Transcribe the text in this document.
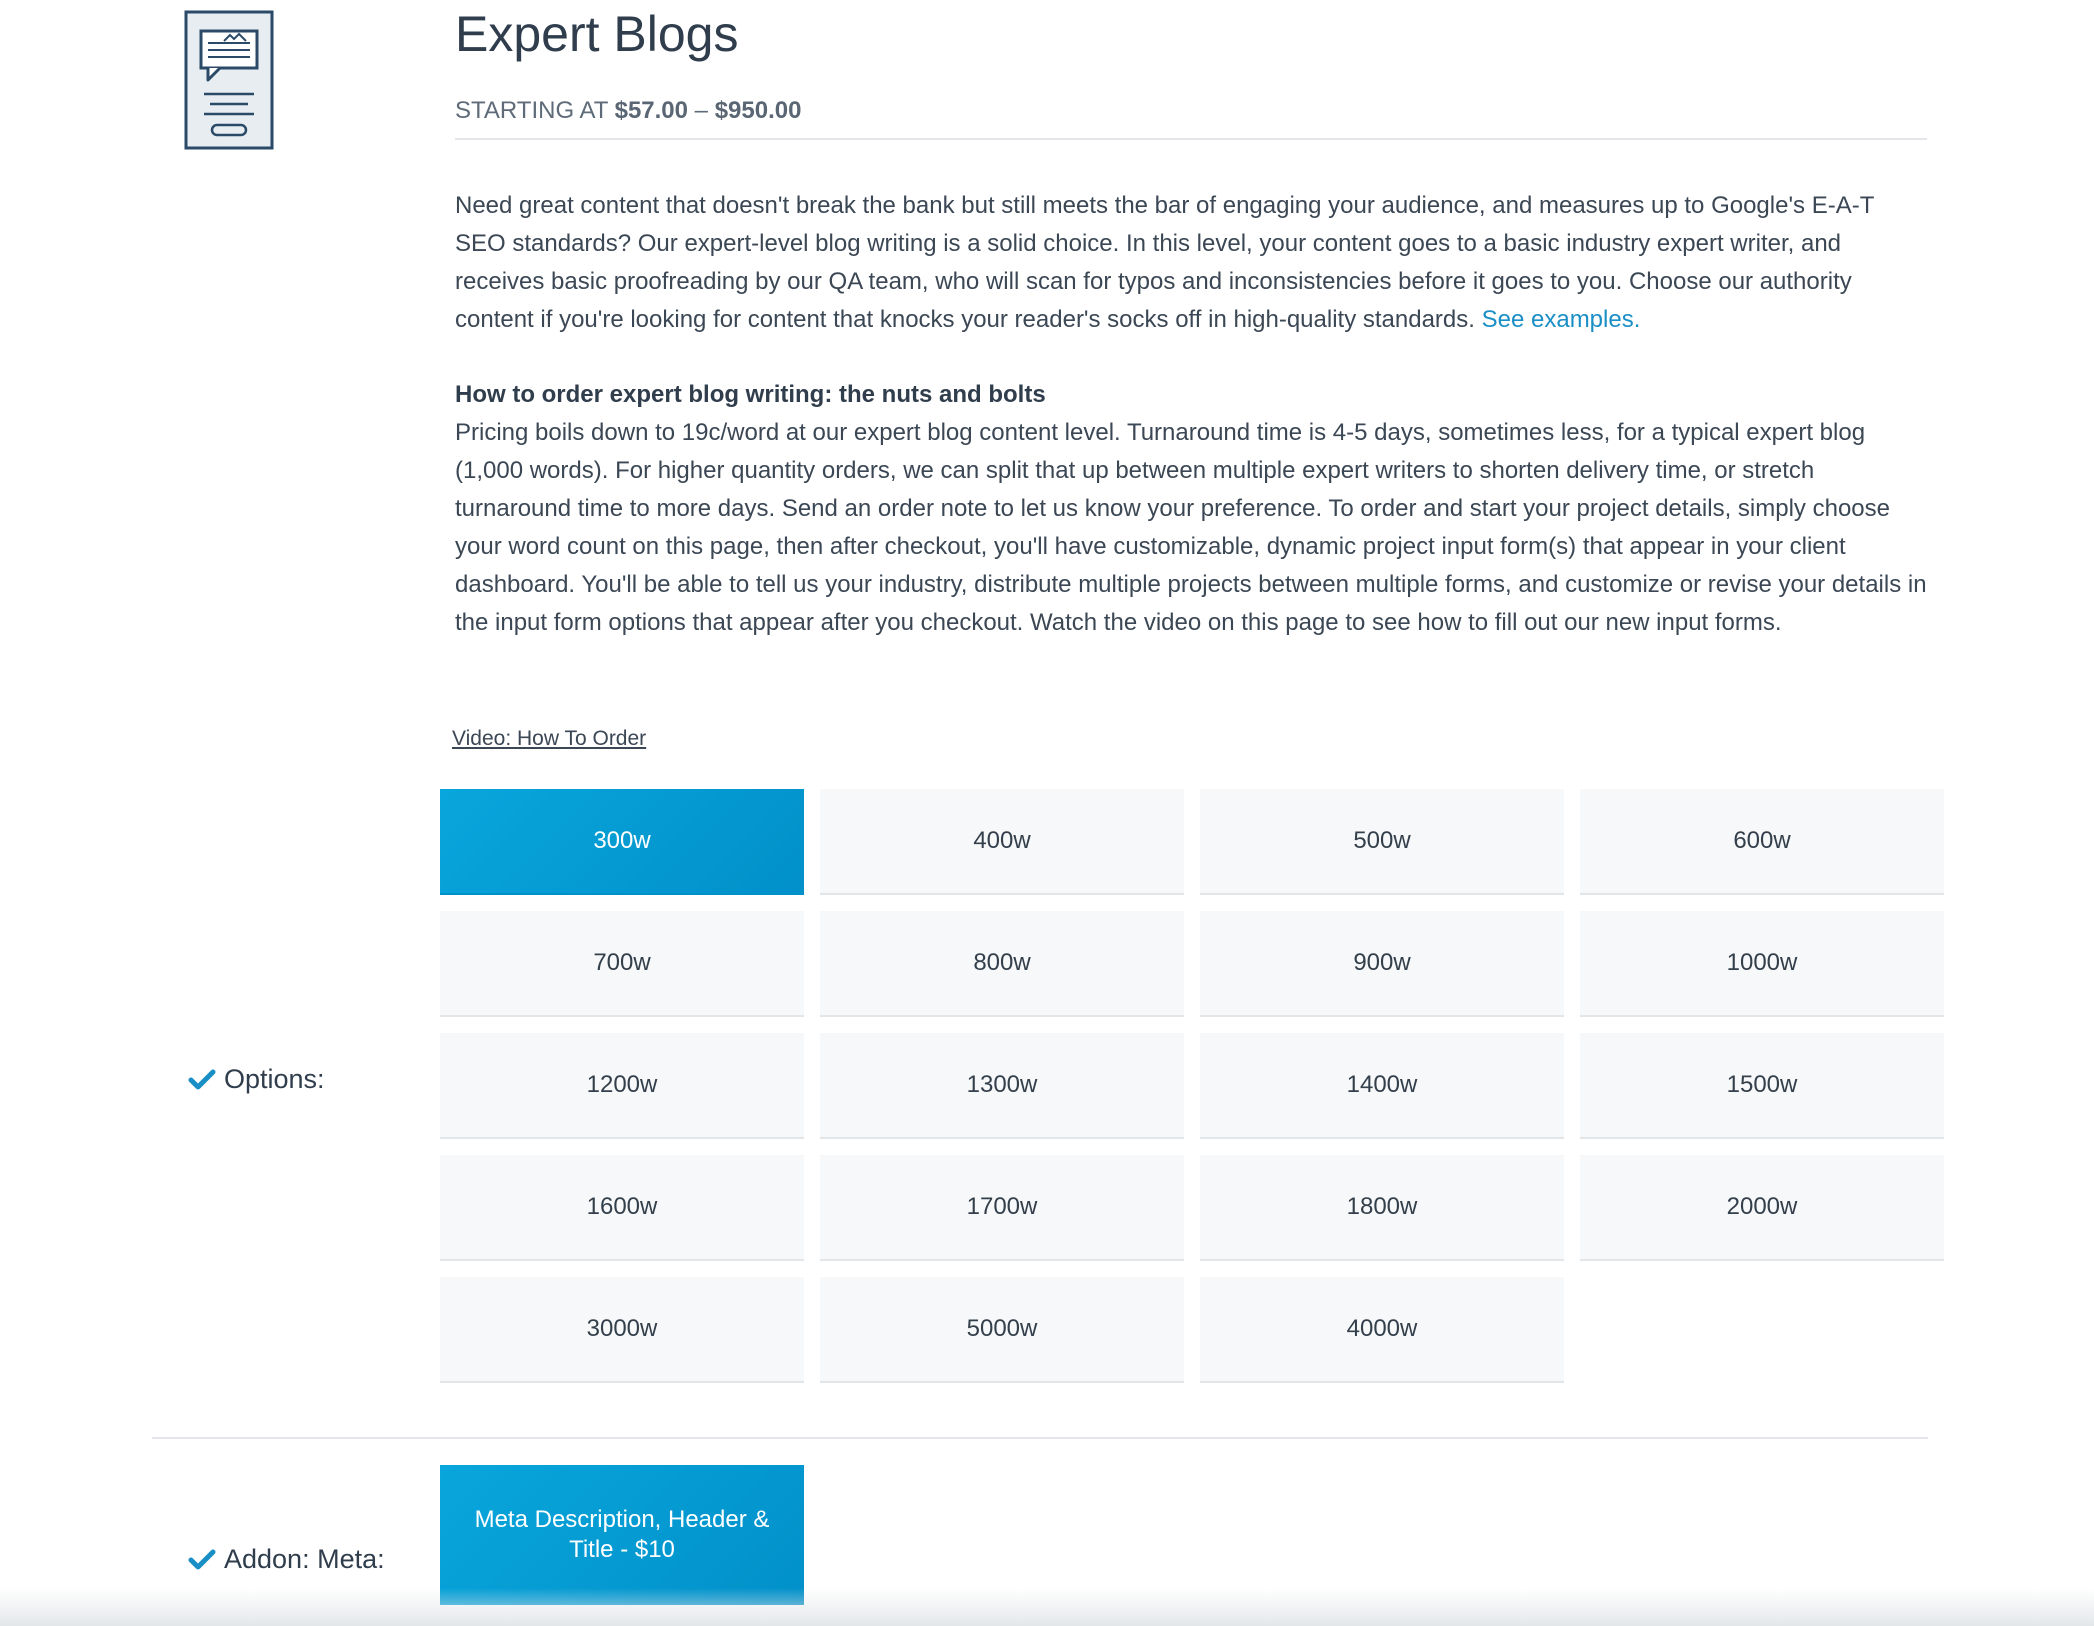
Expert Blogs
STARTING AT $57.00 – $950.00

Need great content that doesn't break the bank but still meets the bar of engaging your audience, and measures up to Google's E-A-T SEO standards? Our expert-level blog writing is a solid choice. In this level, your content goes to a basic industry expert writer, and receives basic proofreading by our QA team, who will scan for typos and inconsistencies before it goes to you. Choose our authority content if you're looking for content that knocks your reader's socks off in high-quality standards. See examples.

How to order expert blog writing: the nuts and bolts

Pricing boils down to 19c/word at our expert blog content level. Turnaround time is 4-5 days, sometimes less, for a typical expert blog (1,000 words). For higher quantity orders, we can split that up between multiple expert writers to shorten delivery time, or stretch turnaround time to more days. Send an order note to let us know your preference. To order and start your project details, simply choose your word count on this page, then after checkout, you'll have customizable, dynamic project input form(s) that appear in your client dashboard. You'll be able to tell us your industry, distribute multiple projects between multiple forms, and customize or revise your details in the input form options that appear after you checkout. Watch the video on this page to see how to fill out our new input forms.

Video: How To Order
Options:
300w	400w	500w	600w
700w	800w	900w	1000w
1200w	1300w	1400w	1500w
1600w	1700w	1800w	2000w
3000w	5000w	4000w
Addon: Meta:
Meta Description, Header & Title - $10
